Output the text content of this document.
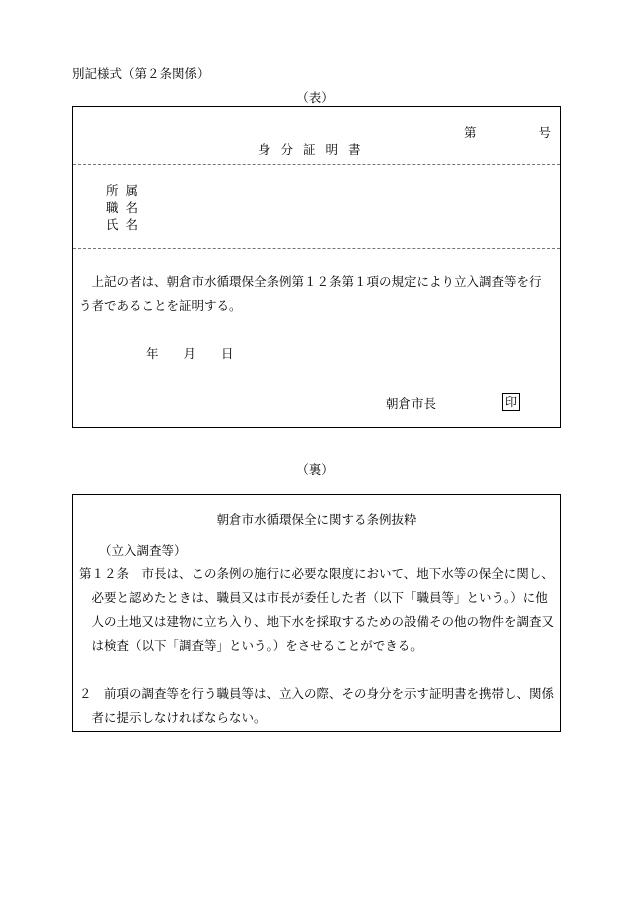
別記様式（第２条関係）
（表）
第	号
身分証明書
所属
職名
氏名
上記の者は、朝倉市水循環保全条例第１２条第１項の規定により立入調査等を行う者であることを証明する。
年　　月　　日
朝倉市長	印
（裏）
朝倉市水循環保全に関する条例抜粋
（立入調査等）
第１２条　市長は、この条例の施行に必要な限度において、地下水等の保全に関し、必要と認めたときは、職員又は市長が委任した者（以下「職員等」という。）に他人の土地又は建物に立ち入り、地下水を採取するための設備その他の物件を調査又は検査（以下「調査等」という。）をさせることができる。
２　前項の調査等を行う職員等は、立入の際、その身分を示す証明書を携帯し、関係者に提示しなければならない。
